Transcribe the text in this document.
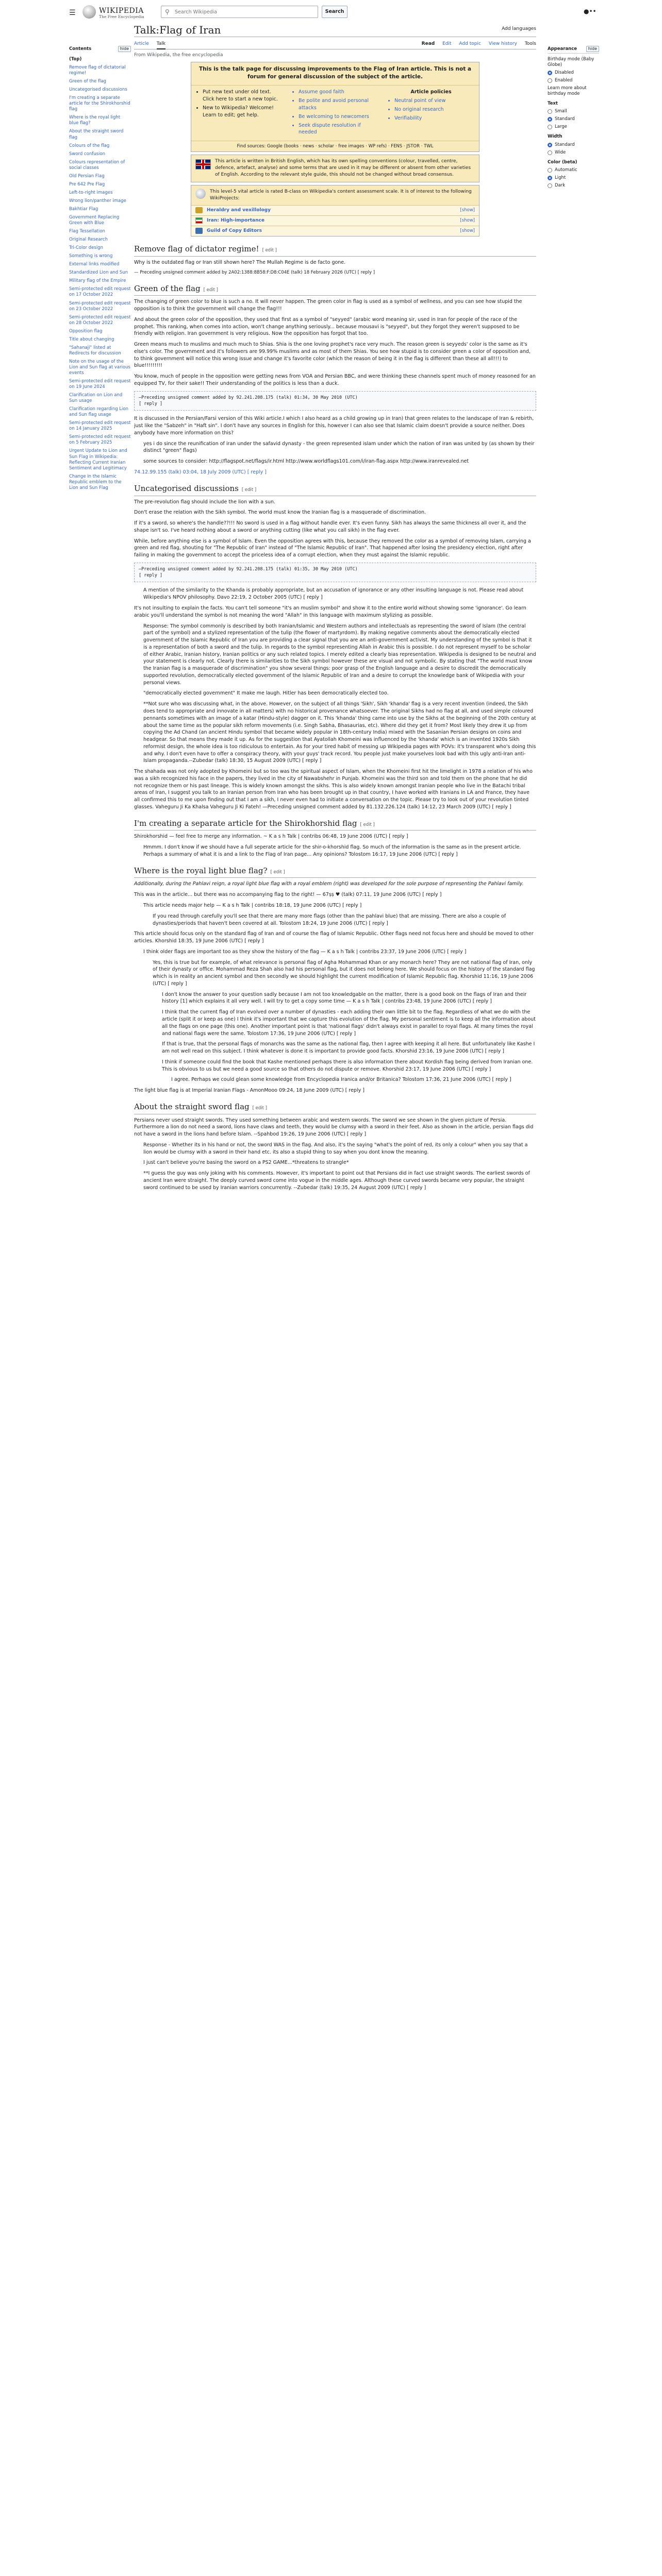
☰	WIKIPEDIA
The Free Encyclopedia
⚲
Search Wikipedia	Search	●••
Contents	hide
(Top)
Remove flag of dictatorial regime!
Green of the flag
Uncategorised discussions
I'm creating a separate article for the Shirokhorshid flag
Where is the royal light blue flag?
About the straight sword flag
Colours of the flag
Sword confusion
Colours representation of social classes
Old Persian Flag
Pre 642 Pre Flag
Left-to-right images
Wrong lion/panther image
Bakhtiar Flag
Government Replacing Green with Blue
Flag Tessellation
Original Research
Tri-Color design
Something is wrong
External links modified
Standardized Lion and Sun
Military flag of the Empire
Semi-protected edit request on 17 October 2022
Semi-protected edit request on 23 October 2022
Semi-protected edit request on 28 October 2022
Opposition flag
Title about changing
"Sahanaji" listed at Redirects for discussion
Note on the usage of the Lion and Sun flag at various events
Semi-protected edit request on 19 June 2024
Clarification on Lion and Sun usage
Clarification regarding Lion and Sun flag usage
Semi-protected edit request on 14 January 2025
Semi-protected edit request on 5 February 2025
Urgent Update to Lion and Sun Flag in Wikipedia: Reflecting Current Iranian Sentiment and Legitimacy
Change in the Islamic Republic emblem to the Lion and Sun Flag
Talk:Flag of Iran	Add languages
Article Talk	Read Edit Add topic View history Tools
From Wikipedia, the free encyclopedia
This is the talk page for discussing improvements to the Flag of Iran article. This is not a forum for general discussion of the subject of the article.
• Put new text under old text. Click here to start a new topic.
• New to Wikipedia? Welcome! Learn to edit; get help.
• Assume good faith
• Be polite and avoid personal attacks
• Be welcoming to newcomers
• Seek dispute resolution if needed
Article policies
• Neutral point of view
• No original research
• Verifiability
Find sources: Google (books · news · scholar · free images · WP refs) · FENS · JSTOR · TWL
This article is written in British English, which has its own spelling conventions (colour, travelled, centre, defence, artefact, analyse) and some terms that are used in it may be different or absent from other varieties of English. According to the relevant style guide, this should not be changed without broad consensus.
This level-5 vital article is rated B-class on Wikipedia's content assessment scale. It is of interest to the following WikiProjects:
Heraldry and vexillology	[show]
Iran: High-importance	[show]
Guild of Copy Editors	[show]
Remove flag of dictator regime! [ edit ]

Why is the outdated flag or Iran still shown here? The Mullah Regime is de facto gone.

— Preceding unsigned comment added by 2A02:1388:8B58:F:D8:C04E (talk) 18 February 2026 (UTC) [ reply ]

Green of the flag [ edit ]

The changing of green color to blue is such a no. It will never happen. The green color in flag is used as a symbol of wellness, and you can see how stupid the opposition is to think the government will change the flag!!!

And about the green color of the opposition, they used that first as a symbol of "seyyed" (arabic word meaning sir, used in Iran for people of the race of the prophet. This ranking, when comes into action, won't change anything seriously... because mousavi is "seyyed", but they forgot they weren't supposed to be friendly with religion. Iran government is very religious. Now the opposition has forgot that too.

Green means much to muslims and much much to Shias. Shia is the one loving prophet's race very much. The reason green is seyyeds' color is the same as it's else's color. The government and it's followers are 99.99% muslims and as most of them Shias. You see how stupid is to consider green a color of opposition and, to think government will notice this wrong issue and change it's favorite color (which the reason of being it in the flag is different than these all all!!!) to blue!!!!!!!!!

You know, much of people in the opposition were getting news from VOA and Persian BBC, and were thinking these channels spent much of money reasoned for an equipped TV, for their sake!! Their understanding of the politics is less than a duck.

—Preceding unsigned comment added by 92.241.208.175 (talk) 01:34, 30 May 2010 (UTC)
[ reply ]

It is discussed in the Persian/Farsi version of this Wiki article.I which I also heard as a child growing up in Iran) that green relates to the landscape of Iran & rebirth, just like the "Sabzeh" in "Haft sin". I don't have any sources in English for this, however I can also see that Islamic claim doesn't provide a source neither. Does anybody have more information on this?

yes i do since the reunification of iran under the safavid dynasty - the green represented islam under which the nation of iran was united by (as shown by their distinct "green" flags)

some sources to consider: http://flagspot.net/flags/ir.html http://www.worldflags101.com/i/iran-flag.aspx http://www.iranrevealed.net

74.12.99.155 (talk) 03:04, 18 July 2009 (UTC) [ reply ]

Uncategorised discussions [ edit ]

The pre-revolution flag should include the lion with a sun.

Don't erase the relation with the Sikh symbol. The world must know the Iranian flag is a masquerade of discrimination.

If it's a sword, so where's the handle??!!! No sword is used in a flag without handle ever. It's even funny. Sikh has always the same thickness all over it, and the shape isn't so. I've heard nothing about a sword or anything cutting (like what you call sikh) in the flag ever.

While, before anything else is a symbol of Islam. Even the opposition agrees with this, because they removed the color as a symbol of removing Islam, carrying a green and red flag, shouting for "The Republic of Iran" instead of "The Islamic Republic of Iran". That happened after losing the presidency election, right after failing in making the government to accept the priceless idea of a corrupt election, when they must against the Islamic republic.

—Preceding unsigned comment added by 92.241.208.175 (talk) 01:35, 30 May 2010 (UTC)
[ reply ]

A mention of the similarity to the Khanda is probably appropriate, but an accusation of ignorance or any other insulting language is not. Please read about Wikipedia's NPOV philosophy. Davo 22:19, 2 October 2005 (UTC) [ reply ]

It's not insulting to explain the facts. You can't tell someone "it's an muslim symbol" and show it to the entire world without showing some 'ignorance'. Go learn arabic you'll understand the symbol is not meaning the word "Allah" in this language with maximum stylizing as possible.

Response: The symbol commonly is described by both Iranian/Islamic and Western authors and intellectuals as representing the sword of Islam (the central part of the symbol) and a stylized representation of the tulip (the flower of martyrdom). By making negative comments about the democratically elected government of the Islamic Republic of Iran you are providing a clear signal that you are an anti-government activist. My understanding of the symbol is that it is a representation of both a sword and the tulip. In regards to the symbol representing Allah in Arabic this is possible. I do not represent myself to be scholar of either Arabic, Iranian history, Iranian politics or any such related topics. I merely edited a clearly bias representation. Wikipedia is designed to be neutral and your statement is clearly not. Clearly there is similarities to the Sikh symbol however these are visual and not symbolic. By stating that "The world must know the Iranian flag is a masquerade of discrimination" you show several things: poor grasp of the English language and a desire to discredit the democratically supported revolution, democratically elected government of the Islamic Republic of Iran and a desire to corrupt the knowledge bank of Wikipedia with your personal views.

"democratically elected government" It make me laugh. Hitler has been democratically elected too.

**Not sure who was discussing what, in the above. However, on the subject of all things 'Sikh', Sikh 'khanda' flag is a very recent invention (indeed, the Sikh does tend to appropriate and innovate in all matters) with no historical provenance whatsoever. The original Sikhs had no flag at all, and used simple coloured pennants sometimes with an image of a katar (Hindu-style) dagger on it. This 'khanda' thing came into use by the Sikhs at the beginning of the 20th century at about the same time as the popular sikh reform movements (i.e. Singh Sabha, Bhasaurias, etc). Where did they get it from? Most likely they drew it up from copying the Ad Chand (an ancient Hindu symbol that became widely popular in 18th-century India) mixed with the Sasanian Persian designs on coins and headgear. So that means they made it up. As for the suggestion that Ayatollah Khomeini was influenced by the 'khanda' which is an invented 1920s Sikh reformist design, the whole idea is too ridiculous to entertain. As for your tired habit of messing up Wikipedia pages with POVs: it's transparent who's doing this and why. I don't even have to offer a conspiracy theory, with your guys' track record. You people just make yourselves look bad with this ugly anti-Iran anti-Islam propaganda.--Zubedar (talk) 18:30, 15 August 2009 (UTC) [ reply ]

The shahada was not only adopted by Khomeini but so too was the spiritual aspect of Islam, when the Khomeini first hit the limelight in 1978 a relation of his who was a sikh recognized his face in the papers, they lived in the city of Nawabshehr in Punjab. Khomeini was the third son and told them on the phone that he did not recognize them or his past lineage. This is widely known amongst the sikhs. This is also widely known amongst Iranian people who live in the Batachi tribal areas of Iran, I suggest you talk to an Iranian person from Iran who has been brought up in that country, I have worked with Iranians in LA and France, they have all confirmed this to me upon finding out that I am a sikh, I never even had to initiate a conversation on the topic. Please try to look out of your revolution tinted glasses. Vaheguru Ji Ka Khalsa Vaheguru Ji Ki Fateh! —Preceding unsigned comment added by 81.132.226.124 (talk) 14:12, 23 March 2009 (UTC) [ reply ]

I'm creating a separate article for the Shirokhorshid flag [ edit ]

Shirokhorshid — feel free to merge any information. ~ K a s h Talk | contribs 06:48, 19 June 2006 (UTC) [ reply ]

Hmmm. I don't know if we should have a full seperate article for the shir-o-khorshid flag. So much of the information is the same as in the present article. Perhaps a summary of what it is and a link to the Flag of Iran page... Any opinions? Tolostom 16:17, 19 June 2006 (UTC) [ reply ]

Where is the royal light blue flag? [ edit ]

Additionally, during the Pahlavi reign, a royal light blue flag with a royal emblem (right) was developed for the sole purpose of representing the Pahlavi family.

This was in the article... but there was no accompanying flag to the right! — 67ṣṣ ♥ (talk) 07:11, 19 June 2006 (UTC) [ reply ]

This article needs major help — K a s h Talk | contribs 18:18, 19 June 2006 (UTC) [ reply ]

If you read through carefully you'll see that there are many more flags (other than the pahlavi blue) that are missing. There are also a couple of dynasties/periods that haven't been covered at all. Tolostom 18:24, 19 June 2006 (UTC) [ reply ]

This article should focus only on the standard flag of Iran and of course the flag of Islamic Republic. Other flags need not focus here and should be moved to other articles. Khorshid 18:35, 19 June 2006 (UTC) [ reply ]

I think older flags are important too as they show the history of the flag — K a s h Talk | contribs 23:37, 19 June 2006 (UTC) [ reply ]

Yes, this is true but for example, of what relevance is personal flag of Agha Mohammad Khan or any monarch here? They are not national flag of Iran, only of their dynasty or office. Mohammad Reza Shah also had his personal flag, but it does not belong here. We should focus on the history of the standard flag which is in reality an ancient symbol and then secondly we should highlight the current modification of Islamic Republic flag. Khorshid 11:16, 19 June 2006 (UTC) [ reply ]

I don't know the answer to your question sadly because I am not too knowledgable on the matter, there is a good book on the flags of Iran and their history [1] which explains it all very well. I will try to get a copy some time — K a s h Talk | contribs 23:48, 19 June 2006 (UTC) [ reply ]

I think that the current flag of Iran evolved over a number of dynasties - each adding their own little bit to the flag. Regardless of what we do with the article (split it or keep as one) I think it's important that we capture this evolution of the flag. My personal sentiment is to keep all the information about all the flags on one page (this one). Another important point is that 'national flags' didn't always exist in parallel to royal flags. At many times the royal and national flags were the same. Tolostom 17:36, 19 June 2006 (UTC) [ reply ]

If that is true, that the personal flags of monarchs was the same as the national flag, then I agree with keeping it all here. But unfortunately like Kashe I am not well read on this subject. I think whatever is done it is important to provide good facts. Khorshid 23:16, 19 June 2006 (UTC) [ reply ]

I think if someone could find the book that Kashe mentioned perhaps there is also information there about Kordish flag being derived from Iranian one. This is obvious to us but we need a good source so that others do not dispute or remove. Khorshid 23:17, 19 June 2006 (UTC) [ reply ]

I agree. Perhaps we could glean some knowledge from Encyclopedia Iranica and/or Britanica? Tolostom 17:36, 21 June 2006 (UTC) [ reply ]

The light blue flag is at Imperial Iranian Flags - AmonMooo 09:24, 18 June 2009 (UTC) [ reply ]

About the straight sword flag [ edit ]

Persians never used straight swords. They used something between arabic and western swords. The sword we see shown in the given picture of Persia. Furthermore a lion do not need a sword, lions have claws and teeth, they would be clumsy with a sword in their feet. Also as shown in the article, persian flags did not have a sword in the lions hand before Islam. --Spahbod 19:26, 19 June 2006 (UTC) [ reply ]

Response - Whether its in his hand or not, the sword WAS in the flag. And also, it's the saying "what's the point of red, its only a colour" when you say that a lion would be clumsy with a sword in their hand etc. its also a stupid thing to say when you dont know the meaning.

I just can't believe you're basing the sword on a PS2 GAME...*threatens to strangle*

**I guess the guy was only joking with his comments. However, it's important to point out that Persians did in fact use straight swords. The earliest swords of ancient Iran were straight. The deeply curved sword come into vogue in the middle ages. Although these curved swords became very popular, the straight sword continued to be used by Iranian warriors concurrently. --Zubedar (talk) 19:35, 24 August 2009 (UTC) [ reply ]

Appearance	hide
Birthday mode (Baby Globe)
Disabled
Enabled
Learn more about birthday mode
Text
Small
Standard
Large
Width
Standard
Wide
Color (beta)
Automatic
Light
Dark
